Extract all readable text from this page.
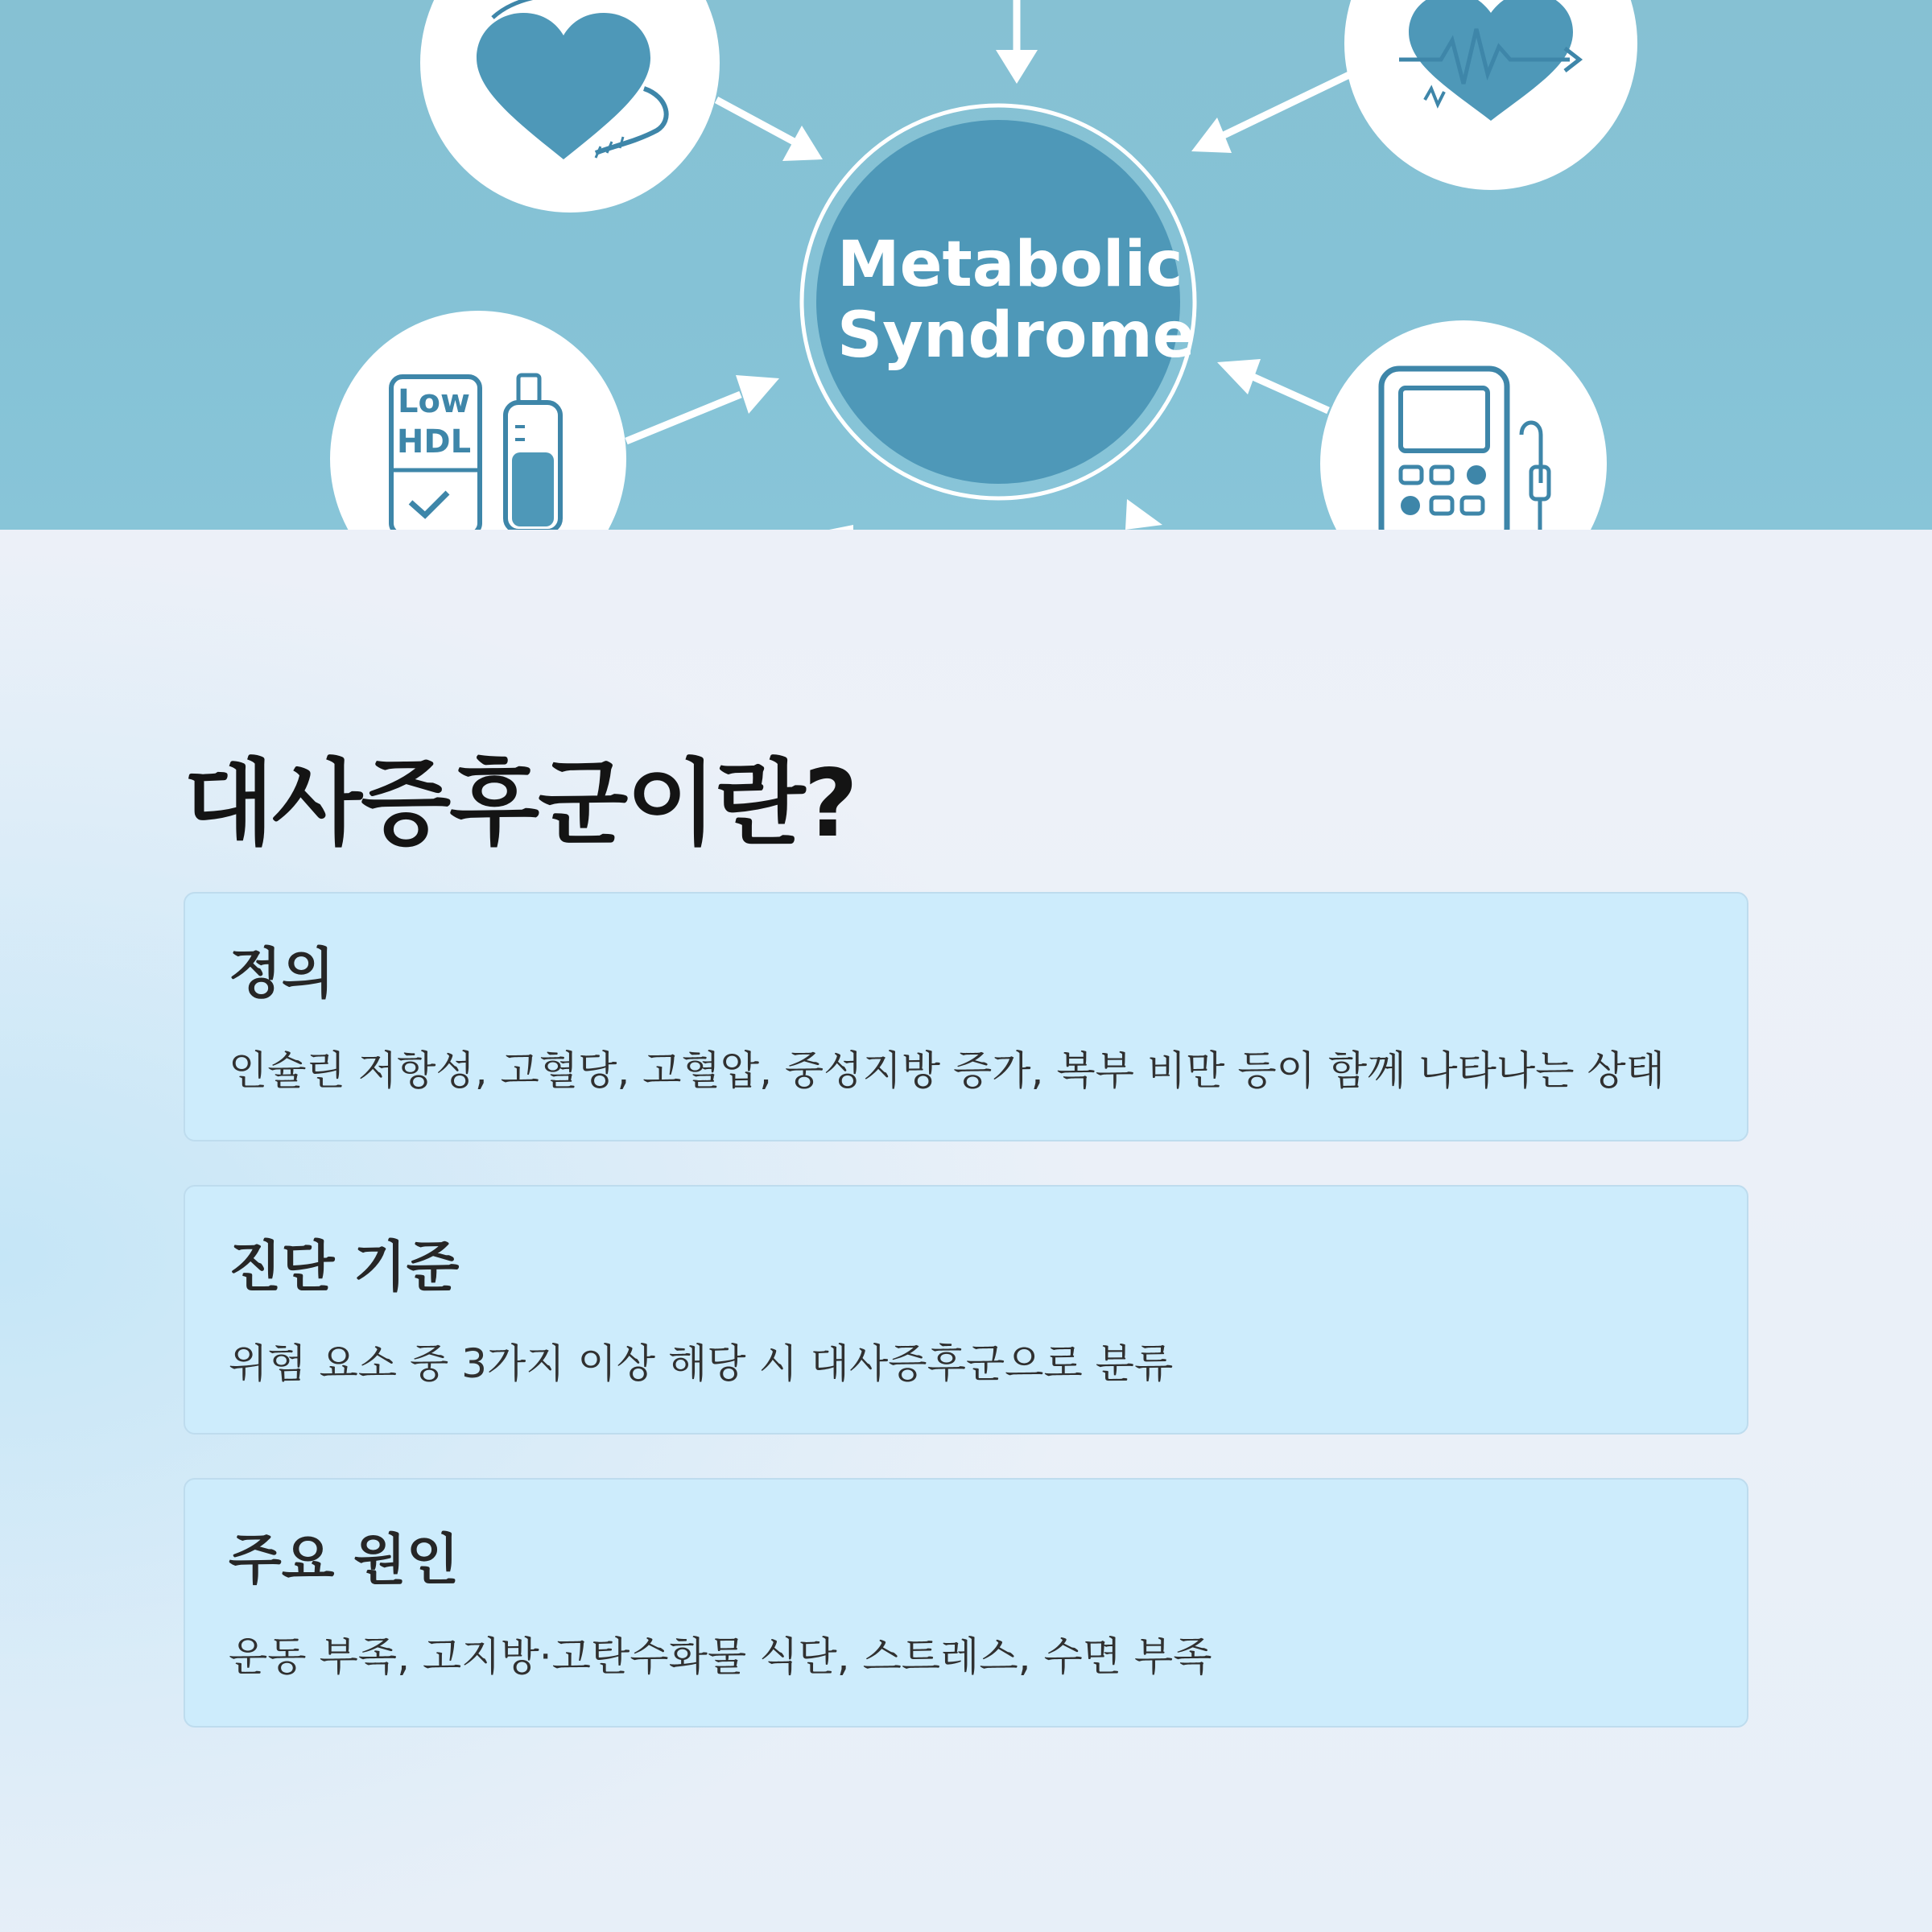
Metabolic
Syndrome
Low
HDL
대사증후군이란?
정의

인슐린 저항성, 고혈당, 고혈압, 중성지방 증가, 복부 비만 등이 함께 나타나는 상태

진단 기준

위험 요소 중 3가지 이상 해당 시 대사증후군으로 분류

주요 원인

운동 부족, 고지방·고탄수화물 식단, 스트레스, 수면 부족
